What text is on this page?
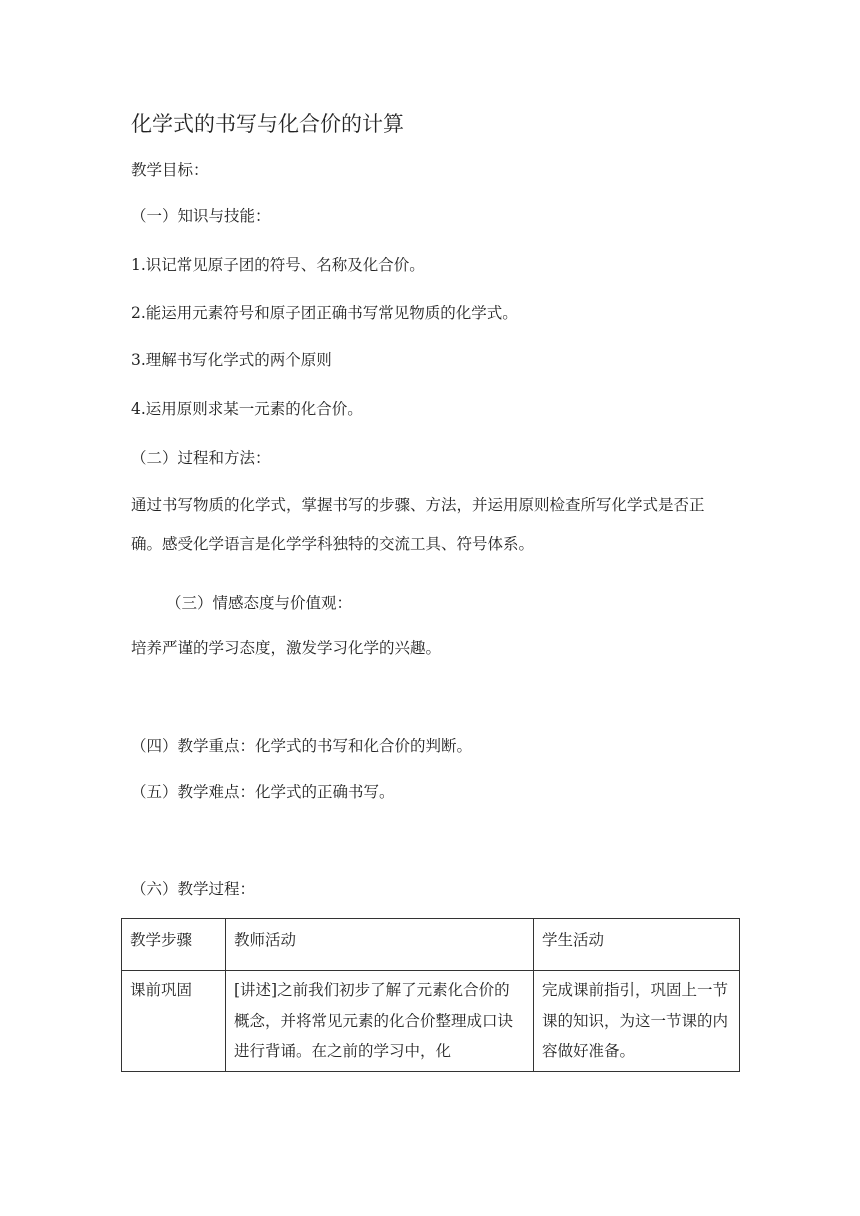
化学式的书写与化合价的计算
教学目标：
（一）知识与技能：
1.识记常见原子团的符号、名称及化合价。
2.能运用元素符号和原子团正确书写常见物质的化学式。
3.理解书写化学式的两个原则
4.运用原则求某一元素的化合价。
（二）过程和方法：
通过书写物质的化学式，掌握书写的步骤、方法，并运用原则检查所写化学式是否正确。感受化学语言是化学学科独特的交流工具、符号体系。
（三）情感态度与价值观：
培养严谨的学习态度，激发学习化学的兴趣。
（四）教学重点：化学式的书写和化合价的判断。
（五）教学难点：化学式的正确书写。
（六）教学过程：
教学步骤	教师活动	学生活动
课前巩固	[讲述]之前我们初步了解了元素化合价的概念，并将常见元素的化合价整理成口诀进行背诵。在之前的学习中，化	完成课前指引，巩固上一节课的知识，为这一节课的内容做好准备。
